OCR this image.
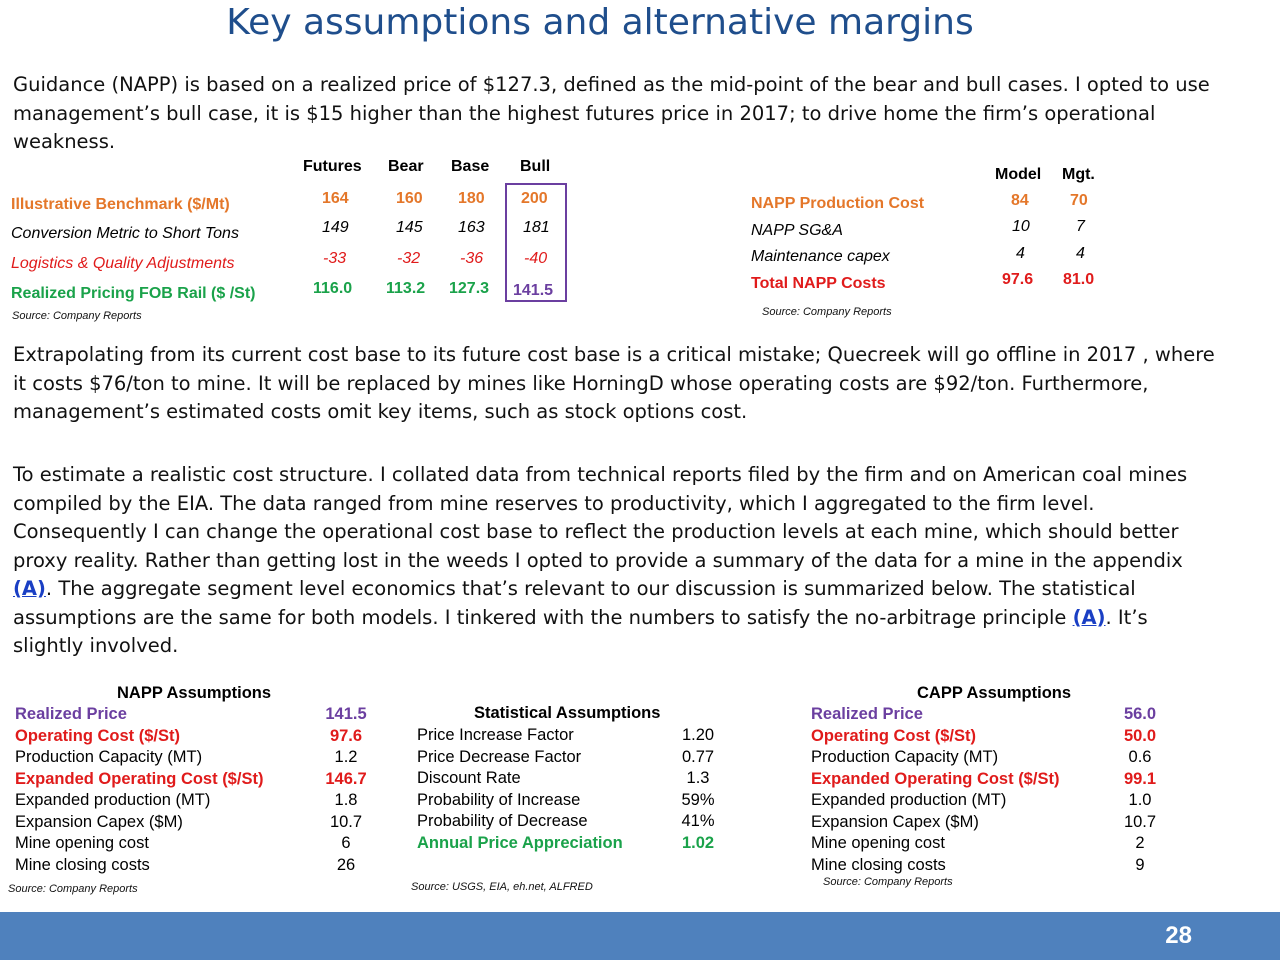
Key assumptions and alternative margins

Guidance (NAPP) is based on a realized price of $127.3, defined as the mid-point of the bear and bull cases. I opted to use

management’s bull case, it is $15 higher than the highest futures price in 2017; to drive home the firm’s operational

weakness.

Futures Bear Base Bull
Illustrative Benchmark ($/Mt)	164	160 180 200
Conversion Metric to Short Tons	149	145 163 181
Logistics & Quality Adjustments	-33	-32 -36	-40
Realized Pricing FOB Rail ($ /St)	116.0 113.2 127.3 141.5
Source: Company Reports
Model Mgt.
NAPP Production Cost	84	70
NAPP SG&A	10	7
Maintenance capex	4	4
Total NAPP Costs	97.6 81.0
Source: Company Reports

Extrapolating from its current cost base to its future cost base is a critical mistake; Quecreek will go offline in 2017 , where

it costs $76/ton to mine. It will be replaced by mines like HorningD whose operating costs are $92/ton. Furthermore,

management’s estimated costs omit key items, such as stock options cost.

To estimate a realistic cost structure. I collated data from technical reports filed by the firm and on American coal mines

compiled by the EIA. The data ranged from mine reserves to productivity, which I aggregated to the firm level.

Consequently I can change the operational cost base to reflect the production levels at each mine, which should better

proxy reality. Rather than getting lost in the weeds I opted to provide a summary of the data for a mine in the appendix

(A). The aggregate segment level economics that’s relevant to our discussion is summarized below. The statistical

assumptions are the same for both models. I tinkered with the numbers to satisfy the no-arbitrage principle (A). It’s

slightly involved.

NAPP Assumptions
Realized Price	141.5
Operating Cost ($/St)	97.6
Production Capacity (MT)	1.2
Expanded Operating Cost ($/St)	146.7
Expanded production (MT)	1.8
Expansion Capex ($M)	10.7
Mine opening cost	6
Mine closing costs	26
Source: Company Reports
Statistical Assumptions
Price Increase Factor	1.20
Price Decrease Factor	0.77
Discount Rate	1.3
Probability of Increase	59%
Probability of Decrease	41%
Annual Price Appreciation	1.02
Source: USGS, EIA, eh.net, ALFRED
CAPP Assumptions
Realized Price	56.0
Operating Cost ($/St)	50.0
Production Capacity (MT)	0.6
Expanded Operating Cost ($/St)	99.1
Expanded production (MT)	1.0
Expansion Capex ($M)	10.7
Mine opening cost	2
Mine closing costs	9
Source: Company Reports
28
